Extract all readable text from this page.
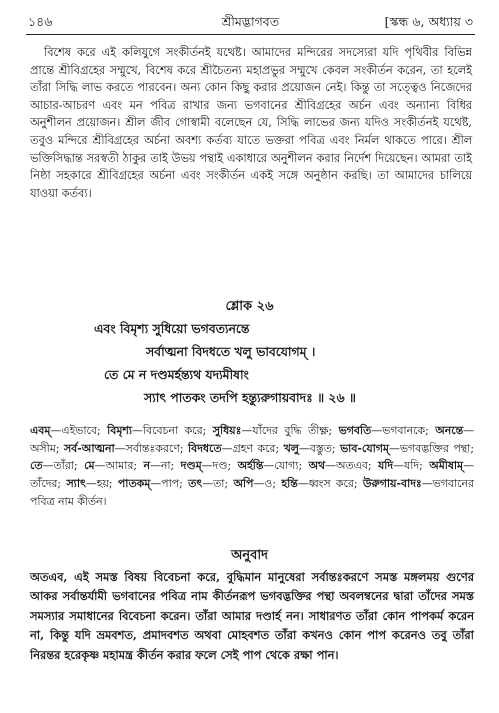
১৪৬	শ্রীমদ্ভাগবত	[স্কন্ধ ৬, অধ্যায় ৩

বিশেষ করে এই কলিযুগে সংকীর্তনই যথেষ্ট। আমাদের মন্দিরের সদস্যেরা যদি পৃথিবীর বিভিন্ন প্রান্তে শ্রীবিগ্রহের সম্মুখে, বিশেষ করে শ্রীচৈতন্য মহাপ্রভুর সম্মুখে কেবল সংকীর্তন করেন, তা হলেই তাঁরা সিদ্ধি লাভ করতে পারবেন। অন্য কোন কিছু করার প্রয়োজন নেই। কিন্তু তা সত্ত্বেও নিজেদের আচার-আচরণ এবং মন পবিত্র রাখার জন্য ভগবানের শ্রীবিগ্রহের অর্চন এবং অন্যান্য বিধির অনুশীলন প্রয়োজন। শ্রীল জীব গোস্বামী বলেছেন যে, সিদ্ধি লাভের জন্য যদিও সংকীর্তনই যথেষ্ট, তবুও মন্দিরে শ্রীবিগ্রহের অর্চনা অবশ্য কর্তব্য যাতে ভক্তরা পবিত্র এবং নির্মল থাকতে পারে। শ্রীল ভক্তিসিদ্ধান্ত সরস্বতী ঠাকুর তাই উভয় পন্থাই একাধারে অনুশীলন করার নির্দেশ দিয়েছেন। আমরা তাই নিষ্ঠা সহকারে শ্রীবিগ্রহের অর্চনা এবং সংকীর্তন একই সঙ্গে অনুষ্ঠান করছি। তা আমাদের চালিয়ে যাওয়া কর্তব্য।

শ্লোক ২৬
এবং বিমৃশ্য সুধিয়ো ভগবত্যনন্তে
সর্বাত্মনা বিদধতে খলু ভাবযোগম্ ।
তে মে ন দণ্ডমর্হন্ত্যথ যদ্যমীষাং
স্যাৎ পাতকং তদপি হন্ত্যুরুগায়বাদঃ ॥ ২৬ ॥
এবম্—এইভাবে; বিমৃশ্য—বিবেচনা করে; সুধিয়ঃ—যাঁদের বুদ্ধি তীক্ষ্ণ; ভগবতি—ভগবানকে; অনন্তে—অসীম; সর্ব-আত্মনা—সর্বান্তঃকরণে; বিদধতে—গ্রহণ করে; খলু—বস্তুত; ভাব-যোগম্—ভগবদ্ভক্তির পন্থা; তে—তাঁরা; মে—আমার; ন—না; দণ্ডম্—দণ্ড; অর্হন্তি—যোগ্য; অথ—অতএব; যদি—যদি; অমীষাম্—তাঁদের; স্যাৎ—হয়; পাতকম্—পাপ; তৎ—তা; অপি—ও; হন্তি—ধ্বংস করে; উরুগায়-বাদঃ—ভগবানের পবিত্র নাম কীর্তন।
অনুবাদ

অতএব, এই সমস্ত বিষয় বিবেচনা করে, বুদ্ধিমান মানুষেরা সর্বান্তঃকরণে সমস্ত মঙ্গলময় গুণের আকর সর্বান্তর্যামী ভগবানের পবিত্র নাম কীর্তনরূপ ভগবদ্ভক্তির পন্থা অবলম্বনের দ্বারা তাঁদের সমস্ত সমস্যার সমাধানের বিবেচনা করেন। তাঁরা আমার দণ্ডার্হ নন। সাধারণত তাঁরা কোন পাপকর্ম করেন না, কিন্তু যদি ভ্রমবশত, প্রমাদবশত অথবা মোহবশত তাঁরা কখনও কোন পাপ করেনও তবু তাঁরা নিরন্তর হরেকৃষ্ণ মহামন্ত্র কীর্তন করার ফলে সেই পাপ থেকে রক্ষা পান।
